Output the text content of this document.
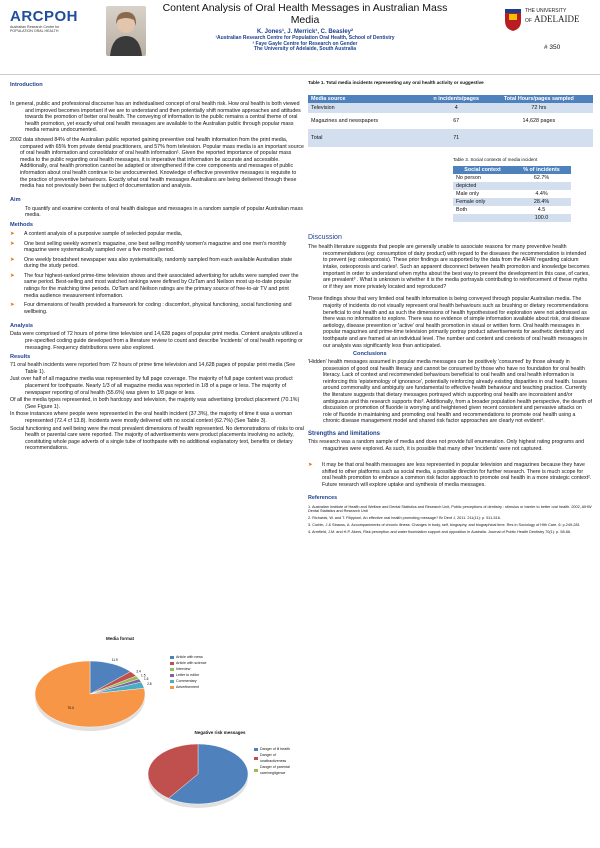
ARCPOH
Australian Research Centre for
POPULATION ORAL HEALTH
Content Analysis of Oral Health Messages in Australian Mass
Media
K. Jones¹, J. Merrick¹, C. Beasley²
¹Australian Research Centre for Population Oral Health, School of Dentistry
² Faye Gayle Centre for Research on Gender
The University of Adelaide, South Australia
THE UNIVERSITY
OF ADELAIDE
# 350
Introduction
In general, public and professional discourse has an individualised concept of oral health risk. How oral health is both viewed and improved becomes important if we are to understand and then potentially shift normative approaches and attitudes towards the promotion of better oral health. The conveying of information to the public remains a central theme of oral health promotion, yet exactly what oral health messages are available to the Australian public through popular mass media remains undocumented.
2002 data showed 84% of the Australian public reported gaining preventive oral health information from the print media, compared with 65% from private dental practitioners, and 57% from television. Popular mass media is an important source of oral health information and consolidator of oral health information¹. Given the reported importance of popular mass media to the public regarding oral health messages, it is imperative that information be accurate and accessible. Additionally, oral health promotion cannot be adapted or strengthened if the core components and messages of public information about oral health continue to be undocumented. Knowledge of effective preventive messages is requisite to the practice of preventive behaviours. Exactly what oral health messages Australians are being delivered through these media has not previously been the subject of documentation and analysis.
Aim
To quantify and examine contents of oral health dialogue and messages in a random sample of popular Australian mass media.
Methods
➤ A content analysis of a purposive sample of selected popular media,
➤ One best selling weekly women's magazine, one best selling monthly women's magazine and one men's monthly magazine were systematically sampled over a five month period.
➤ One weekly broadsheet newspaper was also systematically, randomly sampled from each available Australian state during the study period.
➤ The four highest-ranked prime-time television shows and their associated advertising for adults were sampled over the same period. Best-selling and most watched rankings were defined by OzTam and Neilson most up-to-date popular ratings for the matching time periods. OzTam and Neilson ratings are the primary source of free-to-air TV and print media audience measurement information.
➤ Four dimensions of health provided a framework for coding : discomfort, physical functioning, social functioning and wellbeing.
Analysis
Data were comprised of 72 hours of prime time television and 14,628 pages of popular print media. Content analysis utilized a pre-specified coding guide developed from a literature review to count and describe 'incidents' of oral health reporting or messaging. Frequency distributions were also explored.
Results
71 oral health incidents were reported from 72 hours of prime time television and 14,628 pages of popular print media (See Table 1).
Just over half of all magazine media was represented by full page coverage. The majority of full page content was product placement for toothpaste. Nearly 1/3 of all magazine media was reported in 1/8 of a page or less. The majority of newspaper reporting of oral health (55.6%) was given to 1/8 page or less.
Of all the media types represented, in both hardcopy and television, the majority was advertising /product placement (70.1%) (See Figure 1).
In those instances where people were represented in the oral health incident (37.3%), the majority of time it was a woman represented (72.4 cf 13.8). Incidents were mostly delivered with no social context (62.7%) (See Table 3).
Social functioning and well being were the most prevalent dimensions of health represented. No demonstrations of risks to oral health or parental care were reported. The majority of advertisements were product placements involving no activity, constituting whole page adverts of a single tube of toothpaste with no additional explanatory text, benefits or dietary recommendations.
Media format
11.9
2.4
1.5
1.5
2.8
70.4
Article with news
Article with science
Interview
Letter to editor
Commentary
Advertisement
Negative risk messages
Danger of ill health
Danger of unattractiveness
Danger of parental care/negligence
Table 1. Total media incidents representing any oral health activity or suggestive
Media source	n incidents/pages	Total Hours/pages sampled
Television	4	72 hrs
Magazines and newspapers	67	14,628 pages
Total	71	
Table 3. Social contexts of media incident
Social context	% of incidents
No person	62.7%
depicted	
Male only	4.4%
Female only	28.4%
Both	4.5
	100.0
Discussion
The health literature suggests that people are generally unable to associate reasons for many preventive health recommendations (eg: consumption of dairy product) with regard to the diseases the recommendation is intended to prevent (eg: osteoporosis). These prior findings are supported by the data from the AIHW regarding calcium intake, osteoporosis and caries². Such an apparent disconnect between health promotion and knowledge becomes important in order to understand when myths about the best way to prevent the development in this case, of caries, are prevalent³ . What is unknown is whether it is the media portrayals contributing to reinforcement of these myths or if they are more privately located and reproduced?
These findings show that very limited oral health information is being conveyed through popular Australian media. The majority of incidents do not visually represent oral health behaviours such as brushing or dietary recommendations beneficial to oral health and as such the dimensions of health hypothesised for exploration were not addressed as there was no information to explore. There was no evidence of simple information available about risk, oral disease aetiology, disease prevention or 'active' oral health promotion in visual or written form. Oral health messages in popular magazines and prime-time television primarily portray product advertisements for aesthetic dentistry and toothpaste and are framed at an individual level. The number and content and contexts of oral health messages in our analysis was significantly less than anticipated.
Conclusions
'Hidden' health messages assumed in popular media messages can be positively 'consumed' by those already in possession of good oral health literacy and cannot be consumed by those who have no foundation for oral health literacy. Lack of context and recommended behaviours beneficial to oral health and oral health information is reinforcing this 'epistemology of ignorance', potentially reinforcing already existing disparities in oral health. Issues around commonality and ambiguity are fundamental to effective health behaviour and teaching practice. Currently the literature suggests that dietary messages portrayed which supporting oral health are inconsistent and/or ambiguous and this research supports this³. Additionally, from a broader population health perspective, the dearth of discussion or promotion of fluoride is worrying and heightened given recent consistent and pervasive attacks on role of fluoride in maintaining and promoting oral health and recommendations to promote oral health using a chronic disease management model and shared risk factor approaches are clearly not evident⁴.
Strengths and limitations
This research was a random sample of media and does not provide full enumeration. Only highest rating programs and magazines were explored. As such, it is possible that many other 'incidents' were not captured.
➤ It may be that oral health messages are less represented in popular television and magazines because they have shifted to other platforms such as social media, a possible direction for further research. There is much scope for oral health promotion to embrace a common risk factor approach to promote oral health in a more strategic context². Future research will explore uptake and synthesis of media messages.
References
1. Australian Institute of Health and Welfare and Dental Statistics and Research Unit, Public perceptions of dentistry : stimulus or barrier to better oral health. 2002, AIHW Dental Statistics and Research Unit
2. Richards, W. and T. Filippioni, An effective oral health promoting message? Br Dent J, 2011. 211(11): p. 511-516.
3. Corbin, J & Strauss, A. Accompaniments of chronic illness: Changes in body, self, biography, and biographical time. Res in Sociology of Hlth Care. 6: p.249-281
4. Armfield, J.M. and H.P. Akers, Risk perception and water fluoridation support and opposition in Australia. Journal of Public Health Dentistry 70(1): p. 58-66.
